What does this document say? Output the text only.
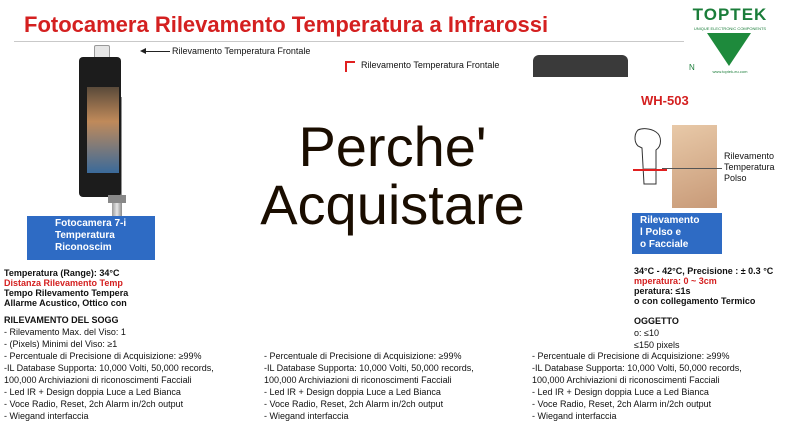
Fotocamera Rilevamento Temperatura a Infrarossi	TOPTEK
UNIQUE ELECTRONIC COMPONENTS
N	www.toptek-eu.com
Rilevamento Temperatura Frontale
Rilevamento Temperatura Frontale
WH-503
Rilevamento
Temperatura
Polso
Fotocamera 7-i
Temperatura
Riconoscim
Rilevamento
l Polso e
o Facciale
Temperatura (Range): 34°C
Distanza Rilevamento Temp
Tempo Rilevamento Tempera
Allarme Acustico, Ottico con
RILEVAMENTO DEL SOGG
- Rilevamento Max. del Viso: 1
- (Pixels) Minimi del Viso: ≥1
- Percentuale di Precisione di Acquisizione: ≥99%
-IL Database Supporta: 10,000 Volti, 50,000 records,
100,000 Archiviazioni di riconoscimenti Facciali
- Led IR + Design doppia Luce a Led Bianca
- Voce Radio, Reset, 2ch Alarm in/2ch output
- Wiegand interfaccia
- Percentuale di Precisione di Acquisizione: ≥99%
-IL Database Supporta: 10,000 Volti, 50,000 records,
100,000 Archiviazioni di riconoscimenti Facciali
- Led IR + Design doppia Luce a Led Bianca
- Voce Radio, Reset, 2ch Alarm in/2ch output
- Wiegand interfaccia
34°C - 42°C, Precisione : ± 0.3 °C
mperatura: 0 ~ 3cm
peratura: ≤1s
o con collegamento Termico
OGGETTO
o: ≤10
≤150 pixels
- Percentuale di Precisione di Acquisizione: ≥99%
-IL Database Supporta: 10,000 Volti, 50,000 records,
100,000 Archiviazioni di riconoscimenti Facciali
- Led IR + Design doppia Luce a Led Bianca
- Voce Radio, Reset, 2ch Alarm in/2ch output
- Wiegand interfaccia
Perche'
Acquistare
